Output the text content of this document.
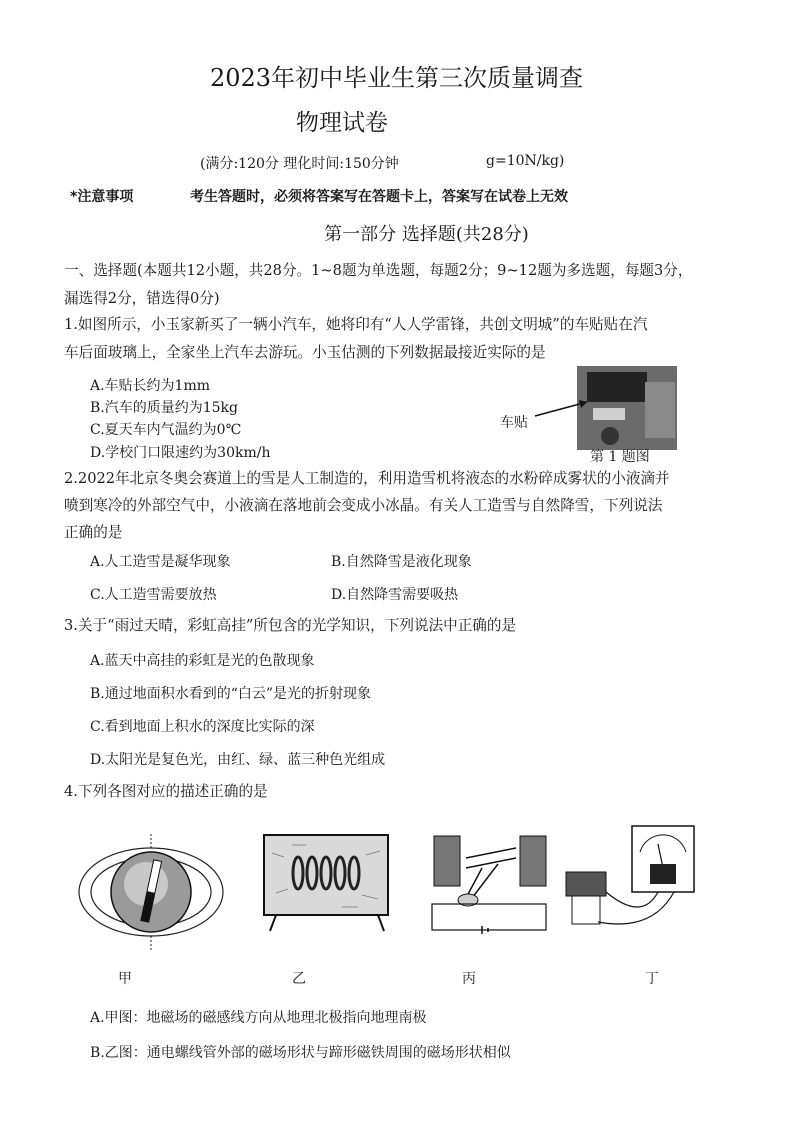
2023年初中毕业生第三次质量调查
物理试卷
(满分:120分 理化时间:150分钟	g=10N/kg)
*注意事项	考生答题时，必须将答案写在答题卡上，答案写在试卷上无效
第一部分 选择题(共28分)
一、选择题(本题共12小题，共28分。1~8题为单选题，每题2分；9~12题为多选题，每题3分，
漏选得2分，错选得0分)
1.如图所示，小玉家新买了一辆小汽车，她将印有“人人学雷锋，共创文明城”的车贴贴在汽
车后面玻璃上，全家坐上汽车去游玩。小玉估测的下列数据最接近实际的是
A.车贴长约为1mm
B.汽车的质量约为15kg
C.夏天车内气温约为0℃
D.学校门口限速约为30km/h
车贴
第 1 题图
2.2022年北京冬奥会赛道上的雪是人工制造的，利用造雪机将液态的水粉碎成雾状的小液滴并
喷到寒冷的外部空气中，小液滴在落地前会变成小冰晶。有关人工造雪与自然降雪，下列说法
正确的是
A.人工造雪是凝华现象	B.自然降雪是液化现象
C.人工造雪需要放热	D.自然降雪需要吸热
3.关于“雨过天晴，彩虹高挂”所包含的光学知识，下列说法中正确的是
A.蓝天中高挂的彩虹是光的色散现象
B.通过地面积水看到的“白云”是光的折射现象
C.看到地面上积水的深度比实际的深
D.太阳光是复色光，由红、绿、蓝三种色光组成
4.下列各图对应的描述正确的是
甲	乙	丙	丁
A.甲图：地磁场的磁感线方向从地理北极指向地理南极
B.乙图：通电螺线管外部的磁场形状与蹄形磁铁周围的磁场形状相似
